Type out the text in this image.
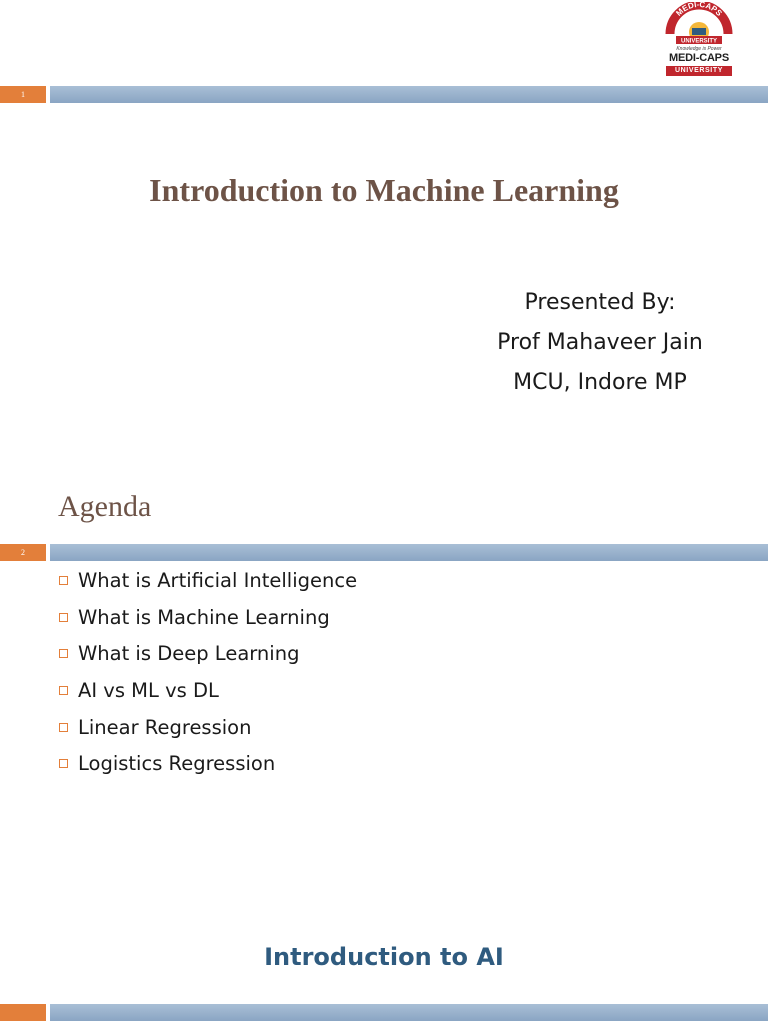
MEDI-CAPS
UNIVERSITY
Knowledge is Power
MEDI-CAPS
UNIVERSITY
1
Introduction to Machine Learning
Presented By:
Prof Mahaveer Jain
MCU, Indore MP
Agenda
2
What is Artificial Intelligence
What is Machine Learning
What is Deep Learning
AI vs ML vs DL
Linear Regression
Logistics Regression
Introduction to AI
